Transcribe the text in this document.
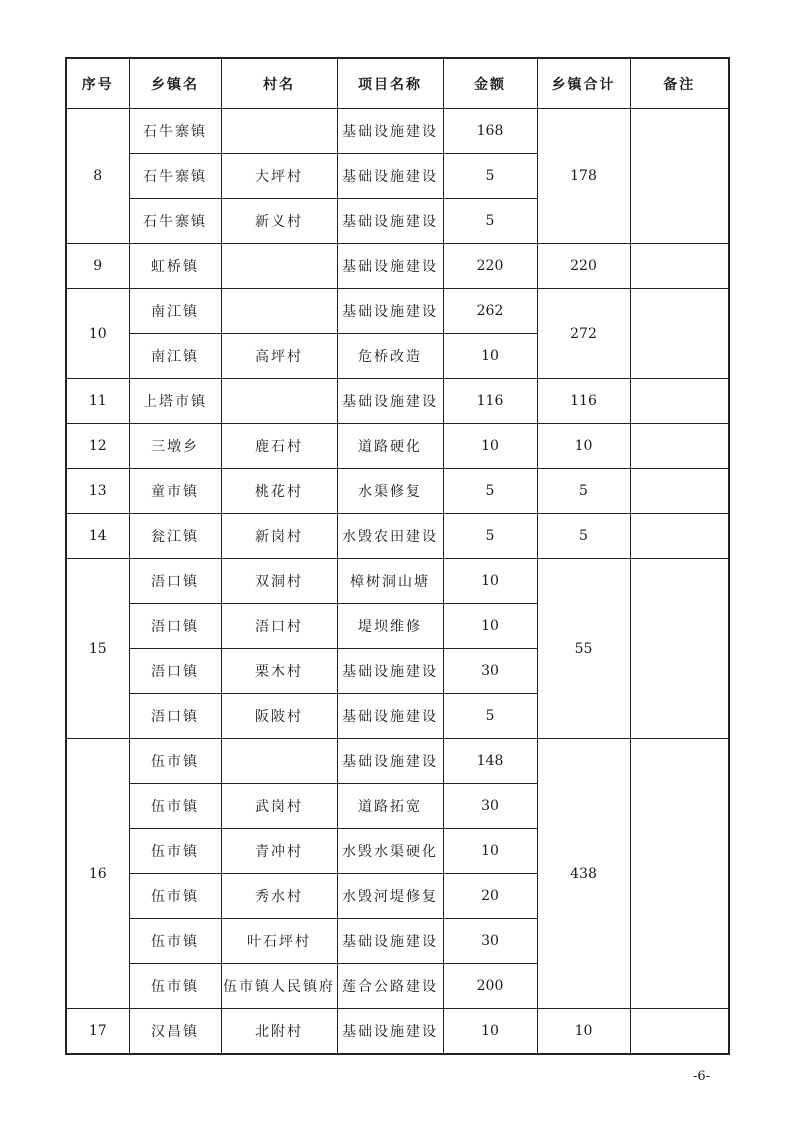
序号	乡镇名	村名	项目名称	金额	乡镇合计	备注
8	石牛寨镇		基础设施建设	168	178	
	石牛寨镇	大坪村	基础设施建设	5		
	石牛寨镇	新义村	基础设施建设	5		
9	虹桥镇		基础设施建设	220	220	
10	南江镇		基础设施建设	262	272	
	南江镇	高坪村	危桥改造	10		
11	上塔市镇		基础设施建设	116	116	
12	三墩乡	鹿石村	道路硬化	10	10	
13	童市镇	桃花村	水渠修复	5	5	
14	瓮江镇	新岗村	水毁农田建设	5	5	
15	浯口镇	双洞村	樟树洞山塘	10	55	
	浯口镇	浯口村	堤坝维修	10		
	浯口镇	栗木村	基础设施建设	30		
	浯口镇	阪陂村	基础设施建设	5		
16	伍市镇		基础设施建设	148	438	
	伍市镇	武岗村	道路拓宽	30		
	伍市镇	青冲村	水毁水渠硬化	10		
	伍市镇	秀水村	水毁河堤修复	20		
	伍市镇	叶石坪村	基础设施建设	30		
	伍市镇	伍市镇人民镇府	莲合公路建设	200		
17	汉昌镇	北附村	基础设施建设	10	10	
-6-
